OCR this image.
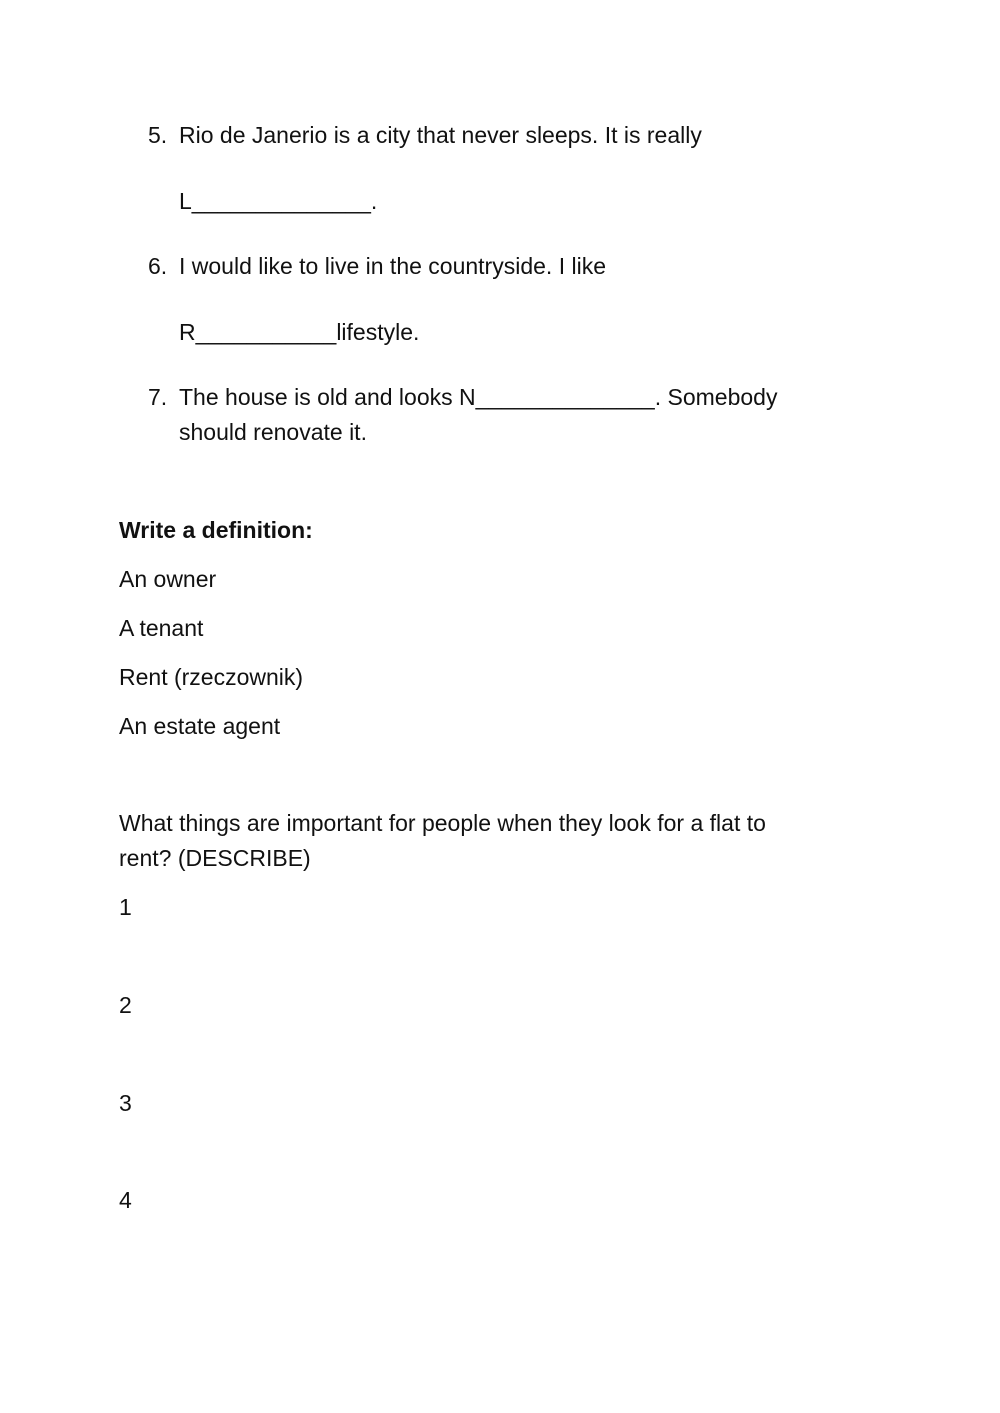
5. Rio de Janerio is a city that never sleeps. It is really
L______________.
6. I would like to live in the countryside. I like
R___________lifestyle.
7. The house is old and looks N______________. Somebody
should renovate it.
Write a definition:
An owner
A tenant
Rent (rzeczownik)
An estate agent
What things are important for people when they look for a flat to
rent? (DESCRIBE)
1
2
3
4
